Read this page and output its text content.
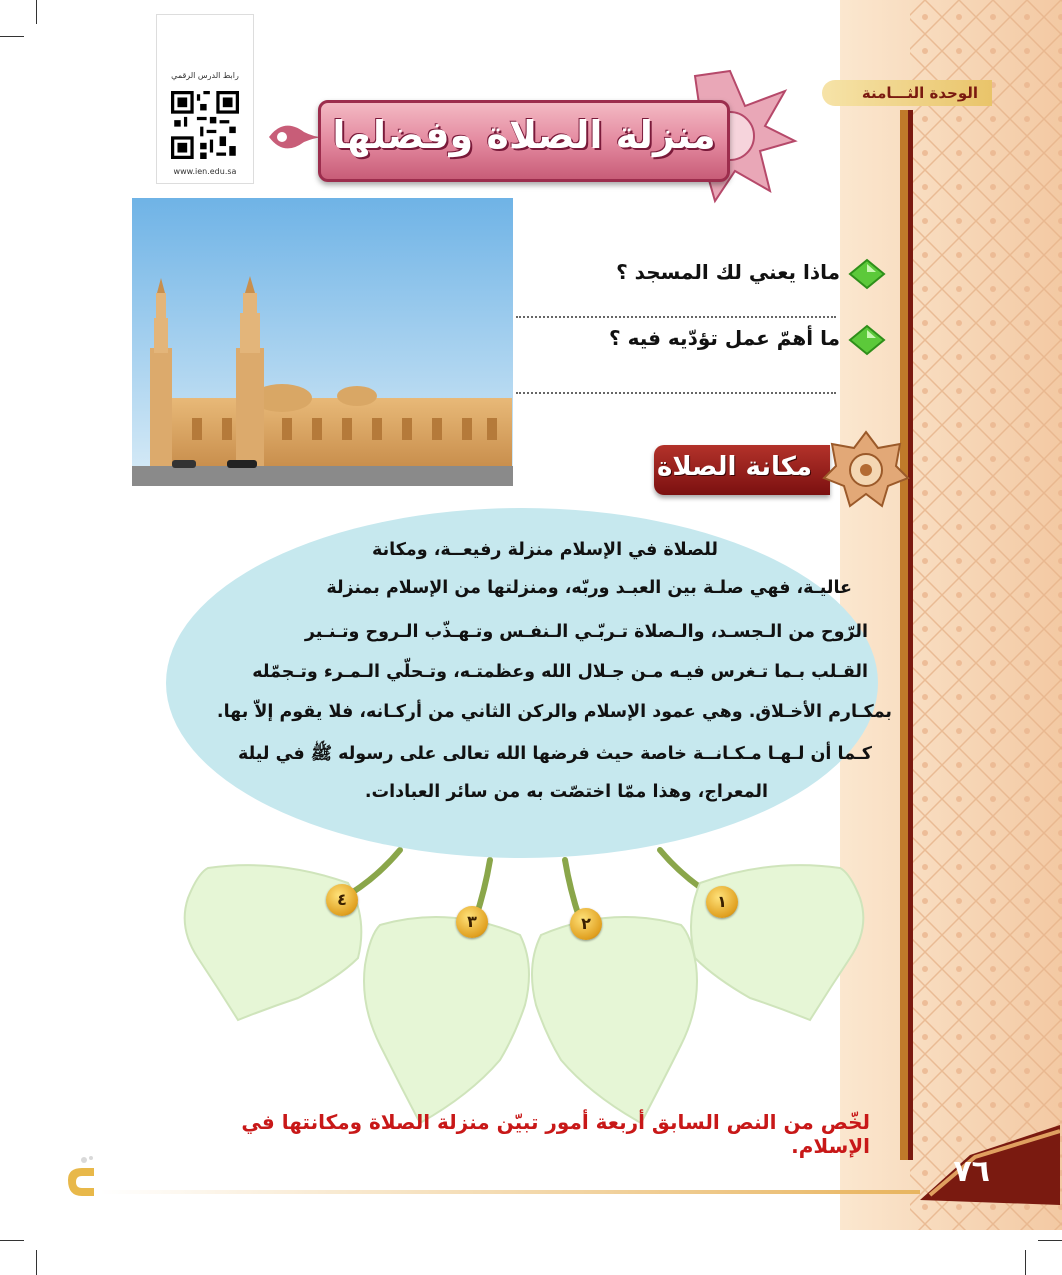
الوحدة الثـــامنة
رابط الدرس الرقمي
www.ien.edu.sa
منزلة الصلاة وفضلها
ماذا يعني لك المسجد ؟
ما أهمّ عمل تؤدّيه فيه ؟
مكانة الصلاة
للصلاة في الإسلام منزلة رفيعــة، ومكانة
عاليـة، فهي صلـة بين العبـد وربّه، ومنزلتها من الإسلام بمنزلة
الرّوح من الـجسـد، والـصلاة تـربّـي الـنفـس وتـهـذّب الـروح وتـنـير
القـلب بـما تـغرس فيـه مـن جـلال الله وعظمتـه، وتـحلّي الـمـرء وتـجمّله
بمكـارم الأخـلاق. وهي عمود الإسلام والركن الثاني من أركـانه، فلا يقوم إلاّ بها.
كـما أن لـهـا مـكـانــة خاصة حيث فرضها الله تعالى على رسوله ﷺ في ليلة
المعراج، وهذا ممّا اختصّت به من سائر العبادات.
١
٢
٣
٤
لخّص من النص السابق أربعة أمور تبيّن منزلة الصلاة ومكانتها في الإسلام.
٧٦
